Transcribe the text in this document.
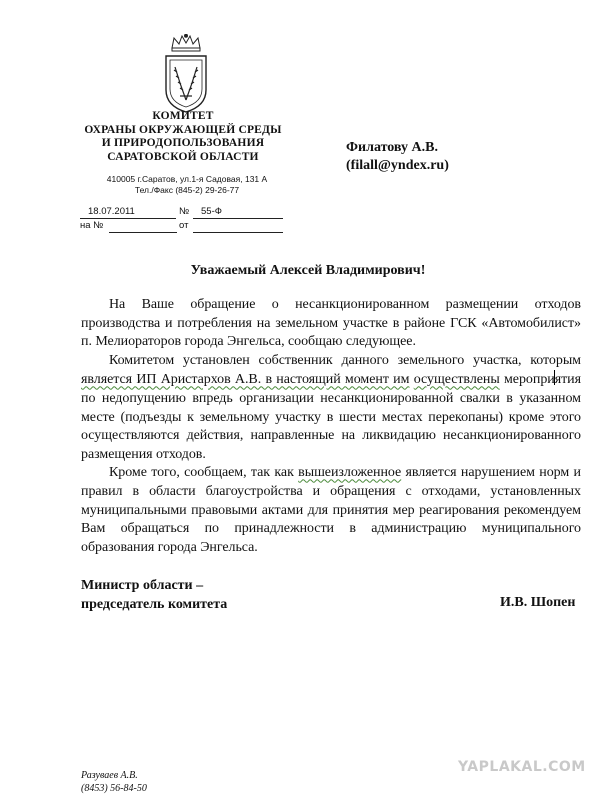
КОМИТЕТ
ОХРАНЫ ОКРУЖАЮЩЕЙ СРЕДЫ
И ПРИРОДОПОЛЬЗОВАНИЯ
САРАТОВСКОЙ ОБЛАСТИ
410005 г.Саратов, ул.1-я Садовая, 131 А
Тел./Факс (845-2) 29-26-77
18.07.2011	№ 55-Ф
на №	от
Филатову А.В.
(filall@yndex.ru)
Уважаемый Алексей Владимирович!

На Ваше обращение о несанкционированном размещении отходов производства и потребления на земельном участке в районе ГСК «Автомобилист» п. Мелиораторов города Энгельса, сообщаю следующее.

Комитетом установлен собственник данного земельного участка, которым является ИП Аристархов А.В. в настоящий момент им осуществлены мероприятия по недопущению впредь организации несанкционированной свалки в указанном месте (подъезды к земельному участку в шести местах перекопаны) кроме этого осуществляются действия, направленные на ликвидацию несанкционированного размещения отходов.

Кроме того, сообщаем, так как вышеизложенное является нарушением норм и правил в области благоустройства и обращения с отходами, установленных муниципальными правовыми актами для принятия мер реагирования рекомендуем Вам обращаться по принадлежности в администрацию муниципального образования города Энгельса.

Министр области –
председатель комитета	И.В. Шопен
Разуваев А.В.
(8453) 56-84-50
YAPLAKAL.COM
